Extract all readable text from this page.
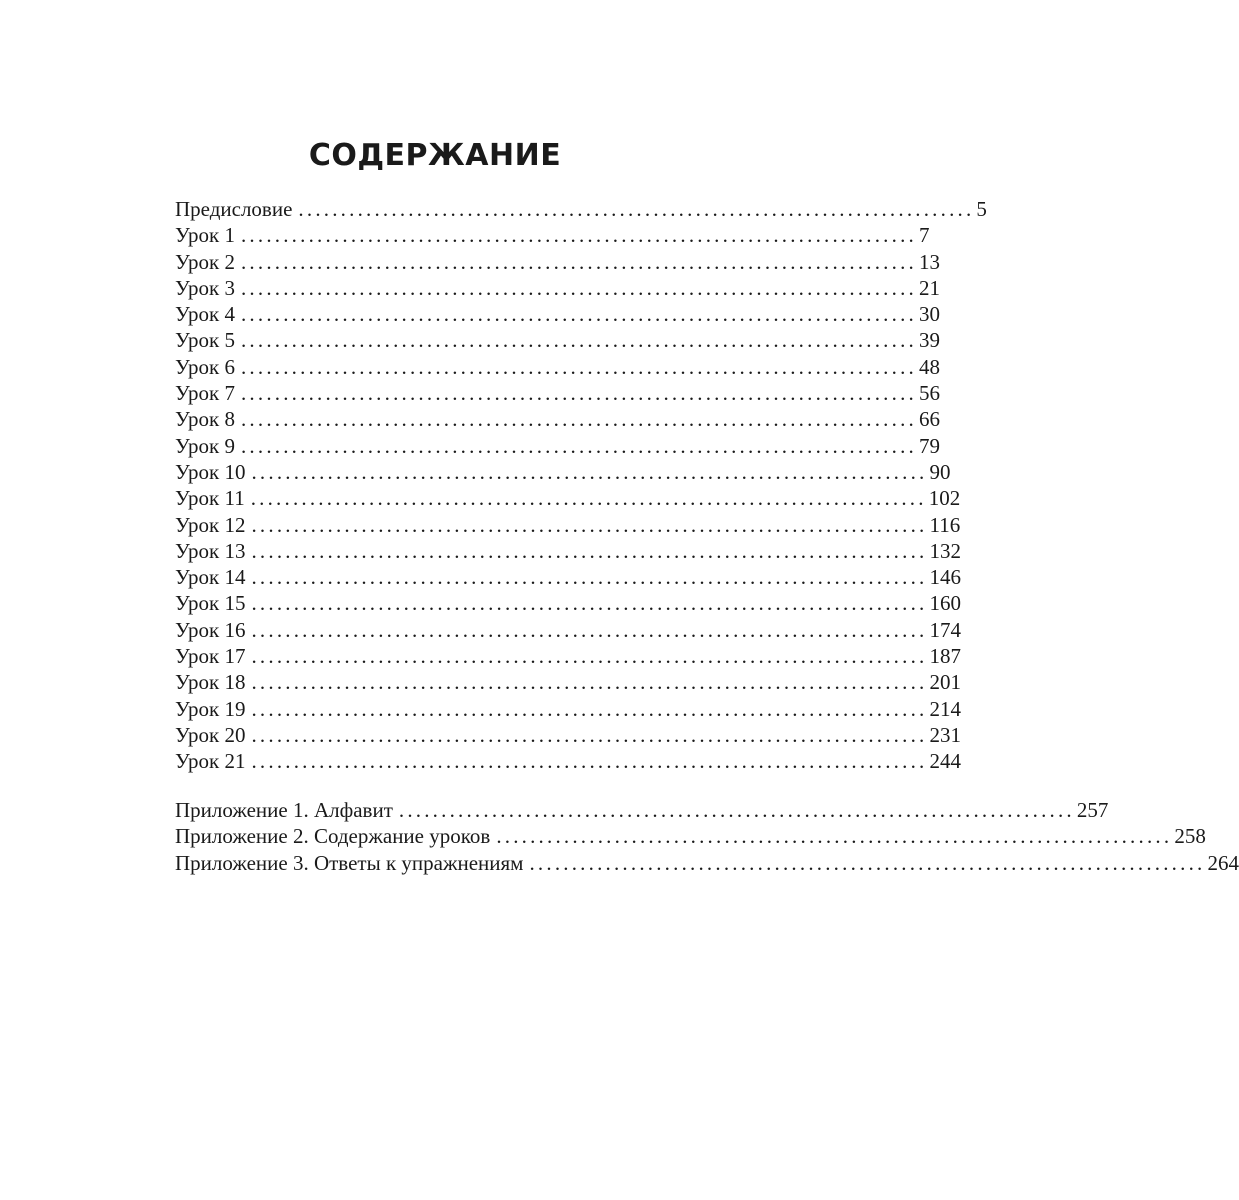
СОДЕРЖАНИЕ
Предисловие ................................................................................ 5
Урок 1 ................................................................................ 7
Урок 2 ................................................................................ 13
Урок 3 ................................................................................ 21
Урок 4 ................................................................................ 30
Урок 5 ................................................................................ 39
Урок 6 ................................................................................ 48
Урок 7 ................................................................................ 56
Урок 8 ................................................................................ 66
Урок 9 ................................................................................ 79
Урок 10 ................................................................................ 90
Урок 11 ................................................................................ 102
Урок 12 ................................................................................ 116
Урок 13 ................................................................................ 132
Урок 14 ................................................................................ 146
Урок 15 ................................................................................ 160
Урок 16 ................................................................................ 174
Урок 17 ................................................................................ 187
Урок 18 ................................................................................ 201
Урок 19 ................................................................................ 214
Урок 20 ................................................................................ 231
Урок 21 ................................................................................ 244
Приложение 1. Алфавит ................................................................................ 257
Приложение 2. Содержание уроков ................................................................................ 258
Приложение 3. Ответы к упражнениям ................................................................................ 264
